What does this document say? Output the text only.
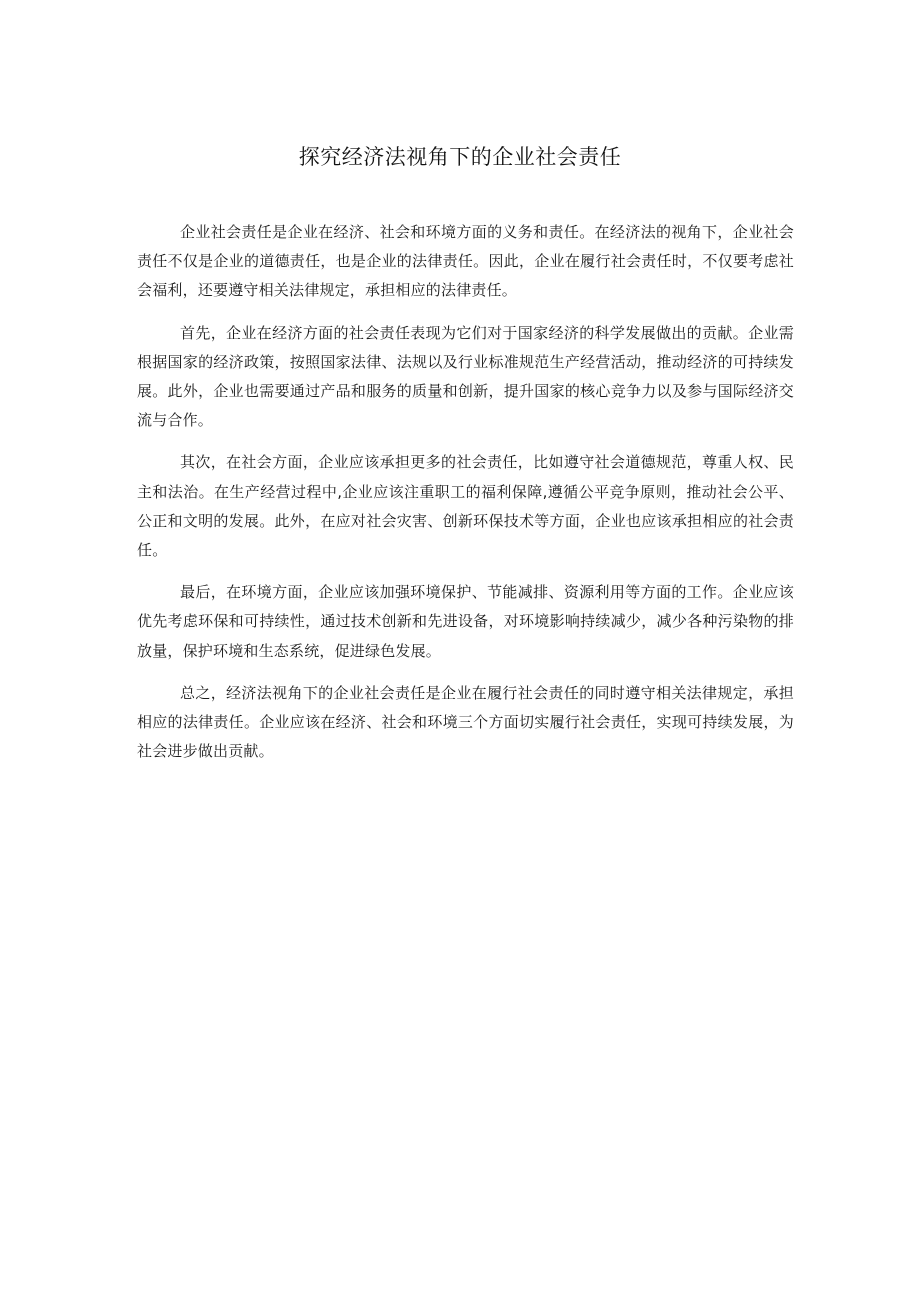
探究经济法视角下的企业社会责任

企业社会责任是企业在经济、社会和环境方面的义务和责任。在经济法的视角下，企业社会责任不仅是企业的道德责任，也是企业的法律责任。因此，企业在履行社会责任时，不仅要考虑社会福利，还要遵守相关法律规定，承担相应的法律责任。

首先，企业在经济方面的社会责任表现为它们对于国家经济的科学发展做出的贡献。企业需根据国家的经济政策，按照国家法律、法规以及行业标准规范生产经营活动，推动经济的可持续发展。此外，企业也需要通过产品和服务的质量和创新，提升国家的核心竞争力以及参与国际经济交流与合作。

其次，在社会方面，企业应该承担更多的社会责任，比如遵守社会道德规范，尊重人权、民主和法治。在生产经营过程中,企业应该注重职工的福利保障,遵循公平竞争原则，推动社会公平、公正和文明的发展。此外，在应对社会灾害、创新环保技术等方面，企业也应该承担相应的社会责任。

最后，在环境方面，企业应该加强环境保护、节能减排、资源利用等方面的工作。企业应该优先考虑环保和可持续性，通过技术创新和先进设备，对环境影响持续减少，减少各种污染物的排放量，保护环境和生态系统，促进绿色发展。

总之，经济法视角下的企业社会责任是企业在履行社会责任的同时遵守相关法律规定，承担相应的法律责任。企业应该在经济、社会和环境三个方面切实履行社会责任，实现可持续发展，为社会进步做出贡献。
